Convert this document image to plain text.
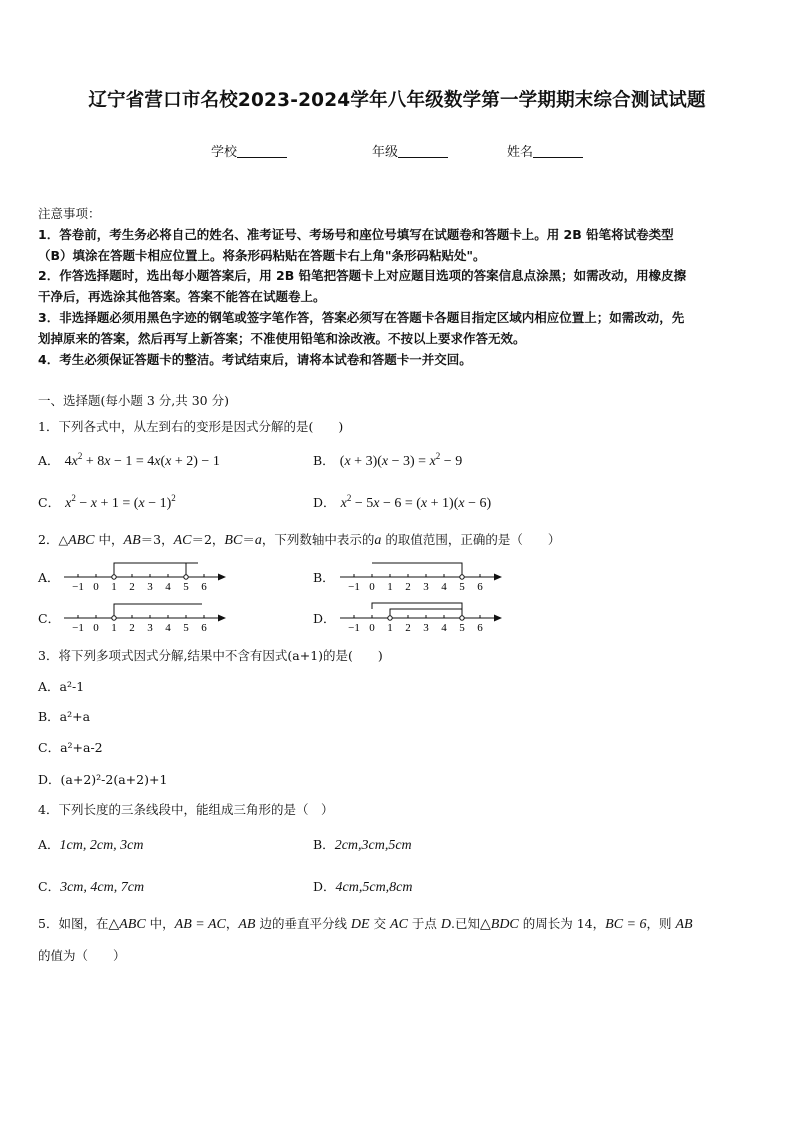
辽宁省营口市名校2023-2024学年八年级数学第一学期期末综合测试试题
学校	年级	姓名
注意事项：
1．答卷前，考生务必将自己的姓名、准考证号、考场号和座位号填写在试题卷和答题卡上。用 2B 铅笔将试卷类型
（B）填涂在答题卡相应位置上。将条形码粘贴在答题卡右上角"条形码粘贴处"。
2．作答选择题时，选出每小题答案后，用 2B 铅笔把答题卡上对应题目选项的答案信息点涂黑；如需改动，用橡皮擦
干净后，再选涂其他答案。答案不能答在试题卷上。
3．非选择题必须用黑色字迹的钢笔或签字笔作答，答案必须写在答题卡各题目指定区域内相应位置上；如需改动，先
划掉原来的答案，然后再写上新答案；不准使用铅笔和涂改液。不按以上要求作答无效。
4．考生必须保证答题卡的整洁。考试结束后，请将本试卷和答题卡一并交回。
一、选择题(每小题 3 分,共 30 分)
1．下列各式中，从左到右的变形是因式分解的是(　　)
A． $4x^2 + 8x - 1 = 4x(x + 2) - 1$	B． $(x + 3)(x - 3) = x^2 - 9$
C． $x^2 - x + 1 = (x - 1)^2$	D． $x^2 - 5x - 6 = (x + 1)(x - 6)$
2．△ABC 中，AB＝3，AC＝2，BC＝a，下列数轴中表示的a 的取值范围，正确的是（　　）
A．	B．
C．	D．
−1 0 1 2 3 4 5 6	−1 0 1 2 3 4 5 6
−1 0 1 2 3 4 5 6	−1 0 1 2 3 4 5 6
3．将下列多项式因式分解,结果中不含有因式(a+1)的是(　　)
A．a²-1
B．a²+a
C．a²+a-2
D．(a+2)²-2(a+2)+1
4．下列长度的三条线段中，能组成三角形的是（　）
A．1cm, 2cm, 3cm	B．2cm,3cm,5cm
C．3cm, 4cm, 7cm	D．4cm,5cm,8cm
5．如图，在△ABC 中，AB = AC，AB 边的垂直平分线 DE 交 AC 于点 D.已知△BDC 的周长为 14，BC = 6，则 AB
的值为（　　）
